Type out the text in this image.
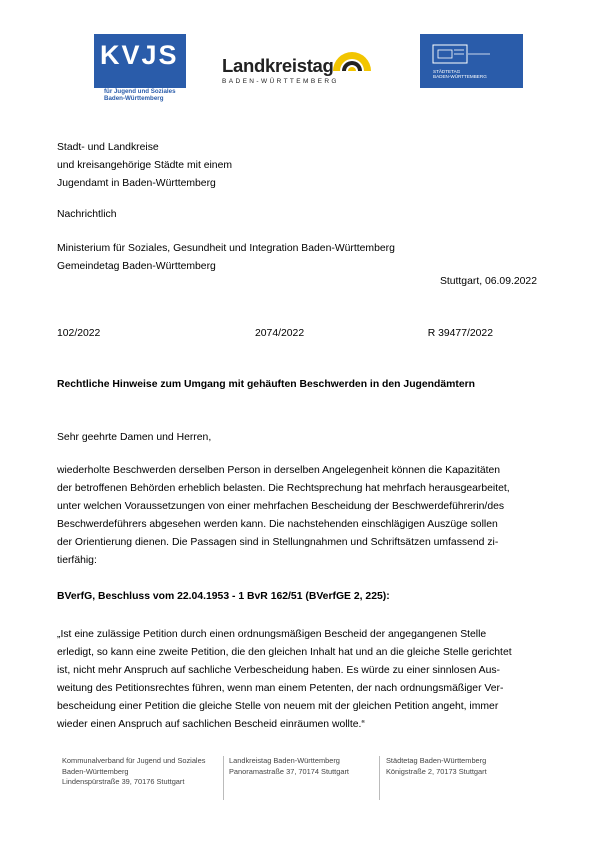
KVJS
Kommunalverband
für Jugend und Soziales
Baden-Württemberg
Landkreistag
BADEN-WÜRTTEMBERG
STÄDTETAG
BADEN-WÜRTTEMBERG
Stadt- und Landkreise
und kreisangehörige Städte mit einem
Jugendamt in Baden-Württemberg
Nachrichtlich
Ministerium für Soziales, Gesundheit und Integration Baden-Württemberg
Gemeindetag Baden-Württemberg
Stuttgart, 06.09.2022
102/2022	2074/2022	R 39477/2022
Rechtliche Hinweise zum Umgang mit gehäuften Beschwerden in den Jugendämtern
Sehr geehrte Damen und Herren,
wiederholte Beschwerden derselben Person in derselben Angelegenheit können die Kapazitäten
der betroffenen Behörden erheblich belasten. Die Rechtsprechung hat mehrfach herausgearbeitet,
unter welchen Voraussetzungen von einer mehrfachen Bescheidung der Beschwerdeführerin/des
Beschwerdeführers abgesehen werden kann. Die nachstehenden einschlägigen Auszüge sollen
der Orientierung dienen. Die Passagen sind in Stellungnahmen und Schriftsätzen umfassend zi-
tierfähig:
BVerfG, Beschluss vom 22.04.1953 - 1 BvR 162/51 (BVerfGE 2, 225):
„Ist eine zulässige Petition durch einen ordnungsmäßigen Bescheid der angegangenen Stelle
erledigt, so kann eine zweite Petition, die den gleichen Inhalt hat und an die gleiche Stelle gerichtet
ist, nicht mehr Anspruch auf sachliche Verbescheidung haben. Es würde zu einer sinnlosen Aus-
weitung des Petitionsrechtes führen, wenn man einem Petenten, der nach ordnungsmäßiger Ver-
bescheidung einer Petition die gleiche Stelle von neuem mit der gleichen Petition angeht, immer
wieder einen Anspruch auf sachlichen Bescheid einräumen wollte.“
Kommunalverband für Jugend und Soziales
Baden-Württemberg
Lindenspürstraße 39, 70176 Stuttgart
Landkreistag Baden-Württemberg
Panoramastraße 37, 70174 Stuttgart
Städtetag Baden-Württemberg
Königstraße 2, 70173 Stuttgart
